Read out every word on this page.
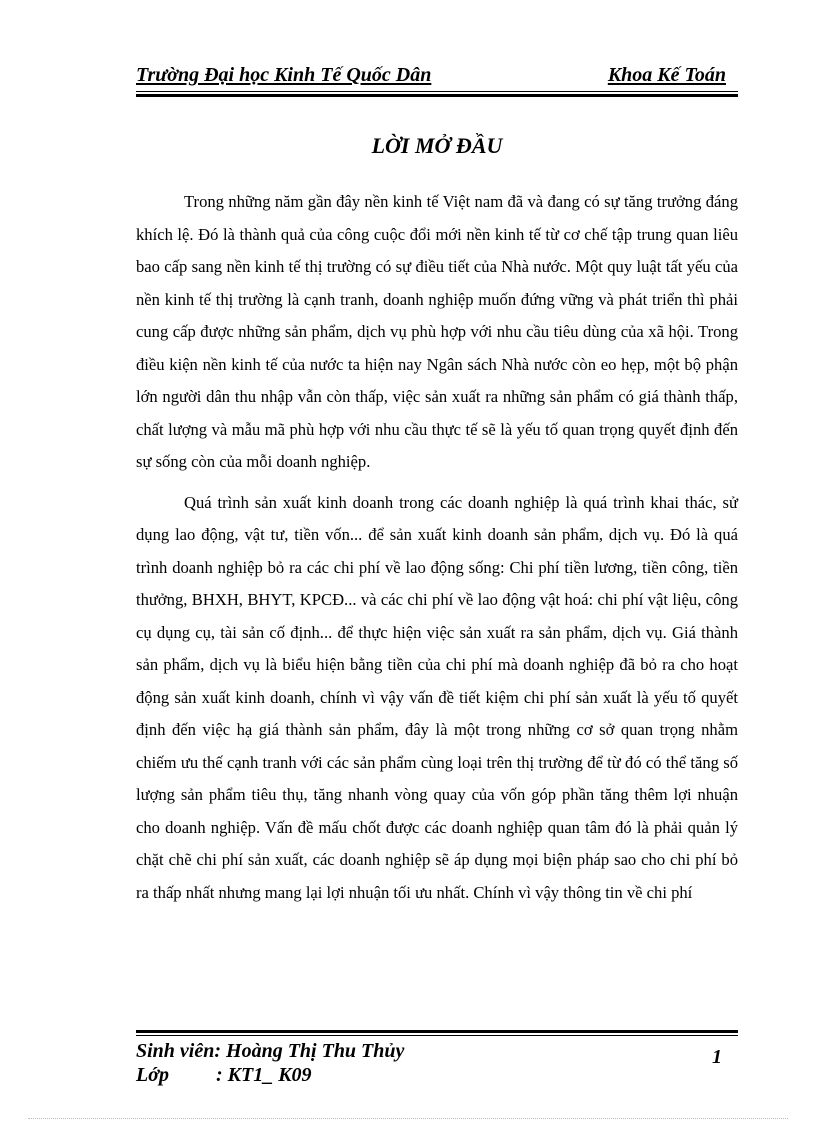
Trường Đại học Kinh Tế Quốc Dân	Khoa Kế Toán
LỜI MỞ ĐẦU

Trong những năm gần đây nền kinh tế Việt nam đã và đang có sự tăng trưởng đáng khích lệ. Đó là thành quả của công cuộc đổi mới nền kinh tế từ cơ chế tập trung quan liêu bao cấp sang nền kinh tế thị trường có sự điều tiết của Nhà nước. Một quy luật tất yếu của nền kinh tế thị trường là cạnh tranh, doanh nghiệp muốn đứng vững và phát triển thì phải cung cấp được những sản phẩm, dịch vụ phù hợp với nhu cầu tiêu dùng của xã hội. Trong điều kiện nền kinh tế của nước ta hiện nay Ngân sách Nhà nước còn eo hẹp, một bộ phận lớn người dân thu nhập vẫn còn thấp, việc sản xuất ra những sản phẩm có giá thành thấp, chất lượng và mẫu mã phù hợp với nhu cầu thực tế sẽ là yếu tố quan trọng quyết định đến sự sống còn của mỗi doanh nghiệp.

Quá trình sản xuất kinh doanh trong các doanh nghiệp là quá trình khai thác, sử dụng lao động, vật tư, tiền vốn... để sản xuất kinh doanh sản phẩm, dịch vụ. Đó là quá trình doanh nghiệp bỏ ra các chi phí về lao động sống: Chi phí tiền lương, tiền công, tiền thưởng, BHXH, BHYT, KPCĐ... và các chi phí về lao động vật hoá: chi phí vật liệu, công cụ dụng cụ, tài sản cố định... để thực hiện việc sản xuất ra sản phẩm, dịch vụ. Giá thành sản phẩm, dịch vụ là biểu hiện bằng tiền của chi phí mà doanh nghiệp đã bỏ ra cho hoạt động sản xuất kinh doanh, chính vì vậy vấn đề tiết kiệm chi phí sản xuất là yếu tố quyết định đến việc hạ giá thành sản phẩm, đây là một trong những cơ sở quan trọng nhằm chiếm ưu thế cạnh tranh với các sản phẩm cùng loại trên thị trường để từ đó có thể tăng số lượng sản phẩm tiêu thụ, tăng nhanh vòng quay của vốn góp phần tăng thêm lợi nhuận cho doanh nghiệp. Vấn đề mấu chốt được các doanh nghiệp quan tâm đó là phải quản lý chặt chẽ chi phí sản xuất, các doanh nghiệp sẽ áp dụng mọi biện pháp sao cho chi phí bỏ ra thấp nhất nhưng mang lại lợi nhuận tối ưu nhất. Chính vì vậy thông tin về chi phí

Sinh viên: Hoàng Thị Thu Thủy
Lớp : KT1_ K09
1
